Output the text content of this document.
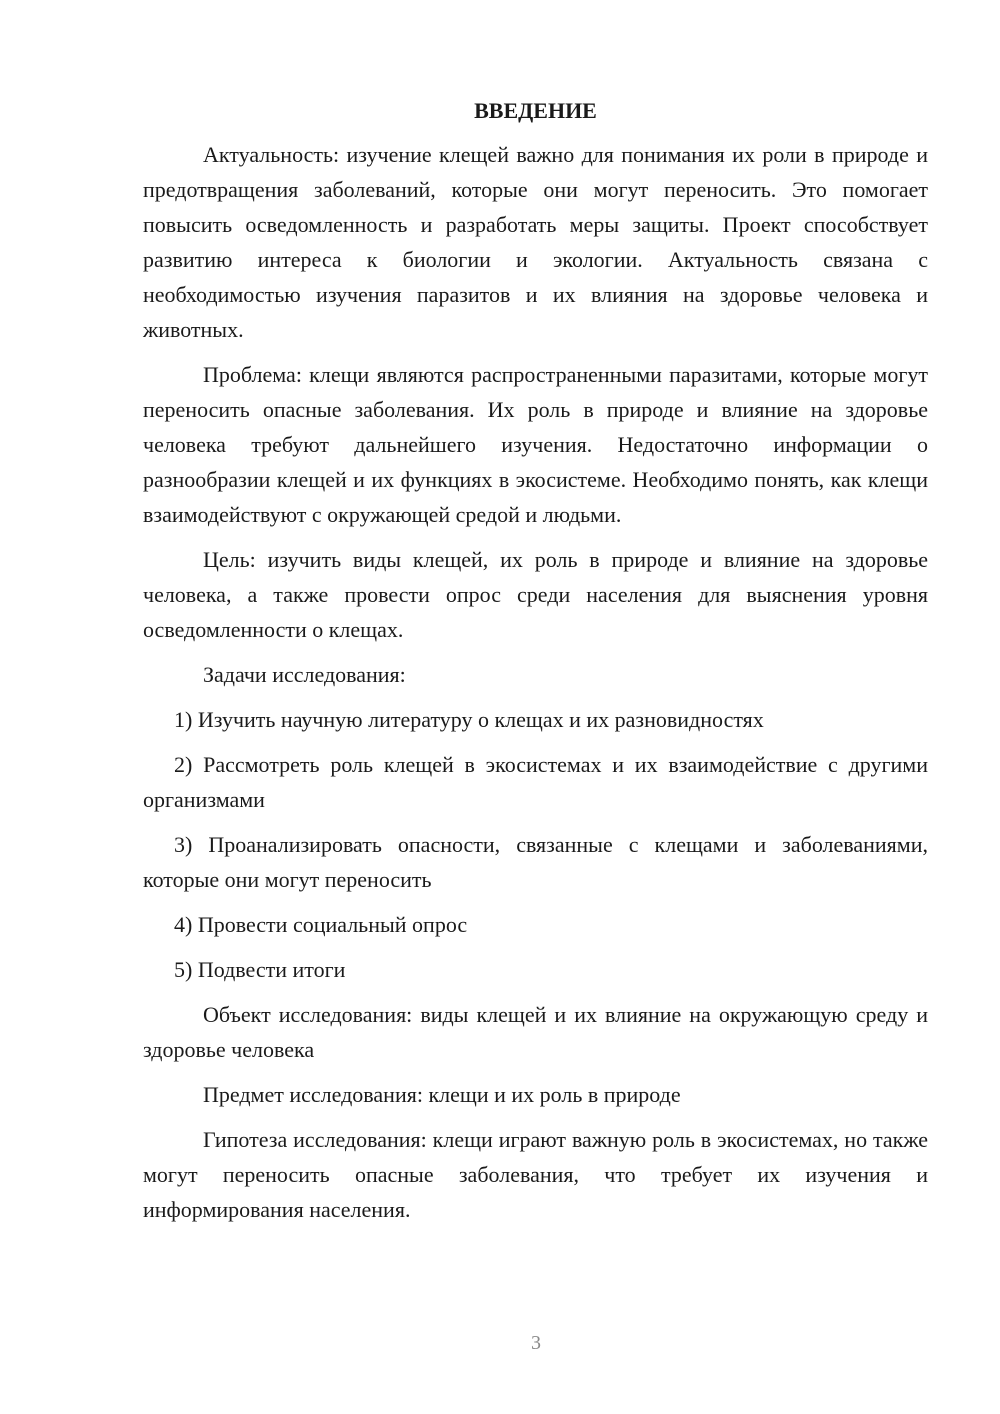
ВВЕДЕНИЕ

Актуальность: изучение клещей важно для понимания их роли в природе и предотвращения заболеваний, которые они могут переносить. Это помогает повысить осведомленность и разработать меры защиты. Проект способствует развитию интереса к биологии и экологии. Актуальность связана с необходимостью изучения паразитов и их влияния на здоровье человека и животных.

Проблема: клещи являются распространенными паразитами, которые могут переносить опасные заболевания. Их роль в природе и влияние на здоровье человека требуют дальнейшего изучения. Недостаточно информации о разнообразии клещей и их функциях в экосистеме. Необходимо понять, как клещи взаимодействуют с окружающей средой и людьми.

Цель: изучить виды клещей, их роль в природе и влияние на здоровье человека, а также провести опрос среди населения для выяснения уровня осведомленности о клещах.

Задачи исследования:

1) Изучить научную литературу о клещах и их разновидностях

2) Рассмотреть роль клещей в экосистемах и их взаимодействие с другими организмами

3) Проанализировать опасности, связанные с клещами и заболеваниями, которые они могут переносить

4) Провести социальный опрос

5) Подвести итоги

Объект исследования: виды клещей и их влияние на окружающую среду и здоровье человека

Предмет исследования: клещи и их роль в природе

Гипотеза исследования: клещи играют важную роль в экосистемах, но также могут переносить опасные заболевания, что требует их изучения и информирования населения.

3
